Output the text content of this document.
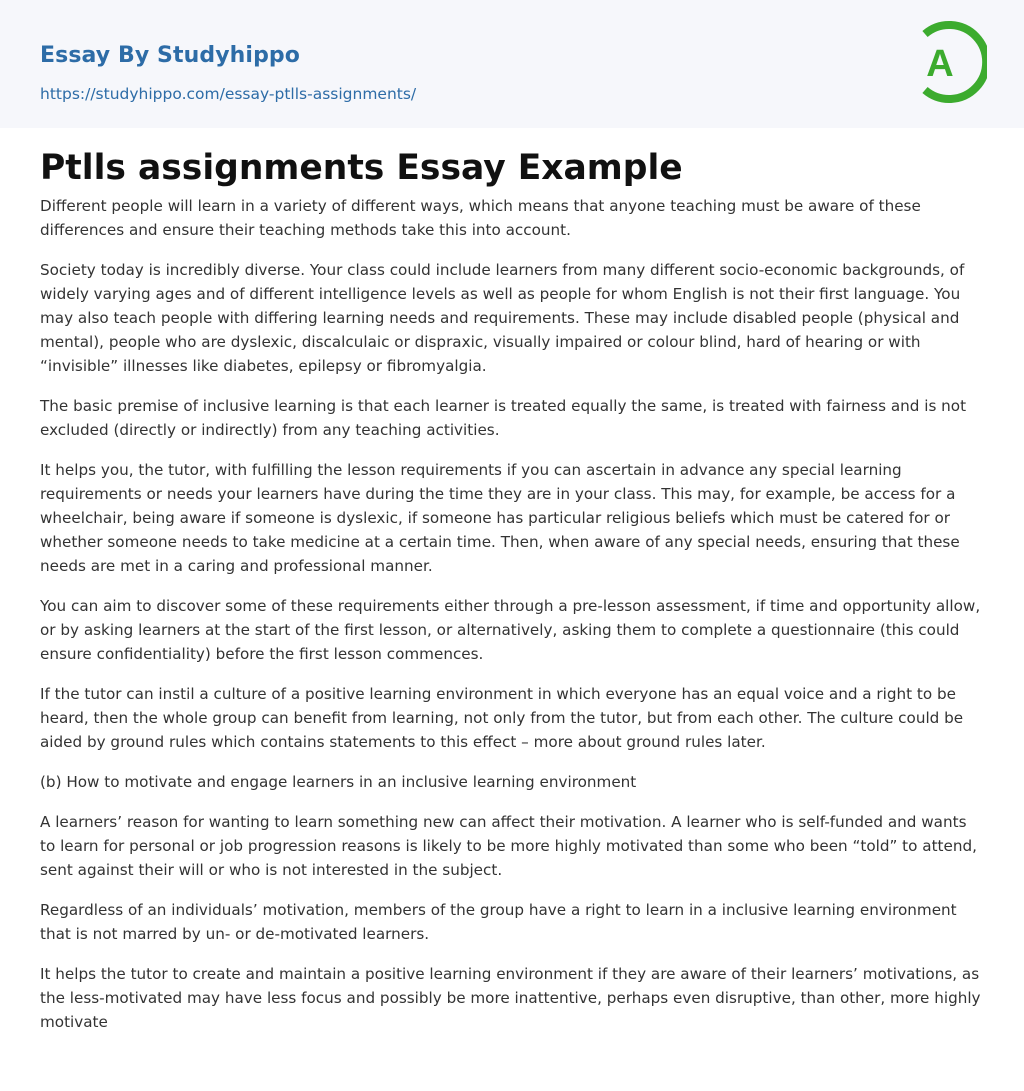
Essay By Studyhippo
https://studyhippo.com/essay-ptlls-assignments/
A
Ptlls assignments Essay Example

Different people will learn in a variety of different ways, which means that anyone teaching must be aware of these differences and ensure their teaching methods take this into account.

Society today is incredibly diverse. Your class could include learners from many different socio-economic backgrounds, of widely varying ages and of different intelligence levels as well as people for whom English is not their first language. You may also teach people with differing learning needs and requirements. These may include disabled people (physical and mental), people who are dyslexic, discalculaic or dispraxic, visually impaired or colour blind, hard of hearing or with “invisible” illnesses like diabetes, epilepsy or fibromyalgia.

The basic premise of inclusive learning is that each learner is treated equally the same, is treated with fairness and is not excluded (directly or indirectly) from any teaching activities.

It helps you, the tutor, with fulfilling the lesson requirements if you can ascertain in advance any special learning requirements or needs your learners have during the time they are in your class. This may, for example, be access for a wheelchair, being aware if someone is dyslexic, if someone has particular religious beliefs which must be catered for or whether someone needs to take medicine at a certain time. Then, when aware of any special needs, ensuring that these needs are met in a caring and professional manner.

You can aim to discover some of these requirements either through a pre-lesson assessment, if time and opportunity allow, or by asking learners at the start of the first lesson, or alternatively, asking them to complete a questionnaire (this could ensure confidentiality) before the first lesson commences.

If the tutor can instil a culture of a positive learning environment in which everyone has an equal voice and a right to be heard, then the whole group can benefit from learning, not only from the tutor, but from each other. The culture could be aided by ground rules which contains statements to this effect – more about ground rules later.

(b) How to motivate and engage learners in an inclusive learning environment

A learners’ reason for wanting to learn something new can affect their motivation. A learner who is self-funded and wants to learn for personal or job progression reasons is likely to be more highly motivated than some who been “told” to attend, sent against their will or who is not interested in the subject.

Regardless of an individuals’ motivation, members of the group have a right to learn in a inclusive learning environment that is not marred by un- or de-motivated learners.

It helps the tutor to create and maintain a positive learning environment if they are aware of their learners’ motivations, as the less-motivated may have less focus and possibly be more inattentive, perhaps even disruptive, than other, more highly motivate
